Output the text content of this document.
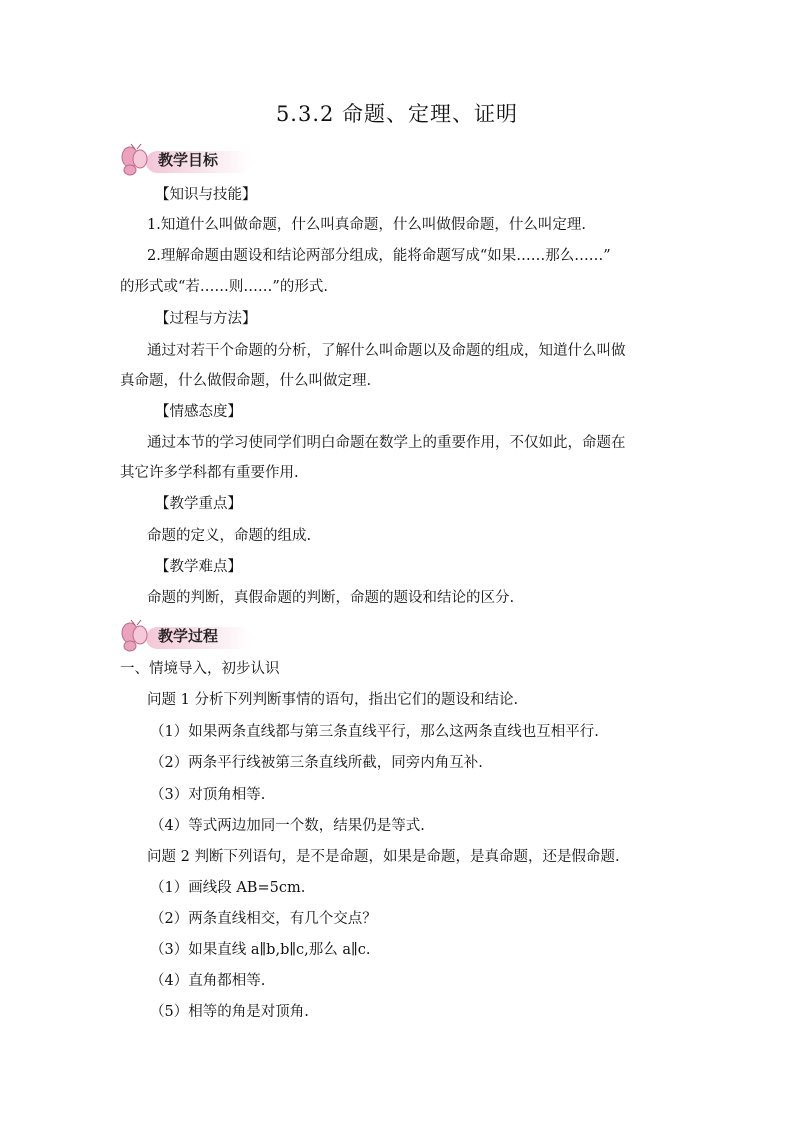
5.3.2 命题、定理、证明
教学目标
【知识与技能】
1.知道什么叫做命题，什么叫真命题，什么叫做假命题，什么叫定理.
2.理解命题由题设和结论两部分组成，能将命题写成“如果……那么……”
的形式或“若……则……”的形式.
【过程与方法】
通过对若干个命题的分析，了解什么叫命题以及命题的组成，知道什么叫做
真命题，什么做假命题，什么叫做定理.
【情感态度】
通过本节的学习使同学们明白命题在数学上的重要作用，不仅如此，命题在
其它许多学科都有重要作用.
【教学重点】
命题的定义，命题的组成.
【教学难点】
命题的判断，真假命题的判断，命题的题设和结论的区分.
教学过程
一、情境导入，初步认识
问题 1 分析下列判断事情的语句，指出它们的题设和结论.
（1）如果两条直线都与第三条直线平行，那么这两条直线也互相平行.
（2）两条平行线被第三条直线所截，同旁内角互补.
（3）对顶角相等.
（4）等式两边加同一个数，结果仍是等式.
问题 2 判断下列语句，是不是命题，如果是命题，是真命题，还是假命题.
（1）画线段 AB=5cm.
（2）两条直线相交，有几个交点？
（3）如果直线 a∥b,b∥c,那么 a∥c.
（4）直角都相等.
（5）相等的角是对顶角.
